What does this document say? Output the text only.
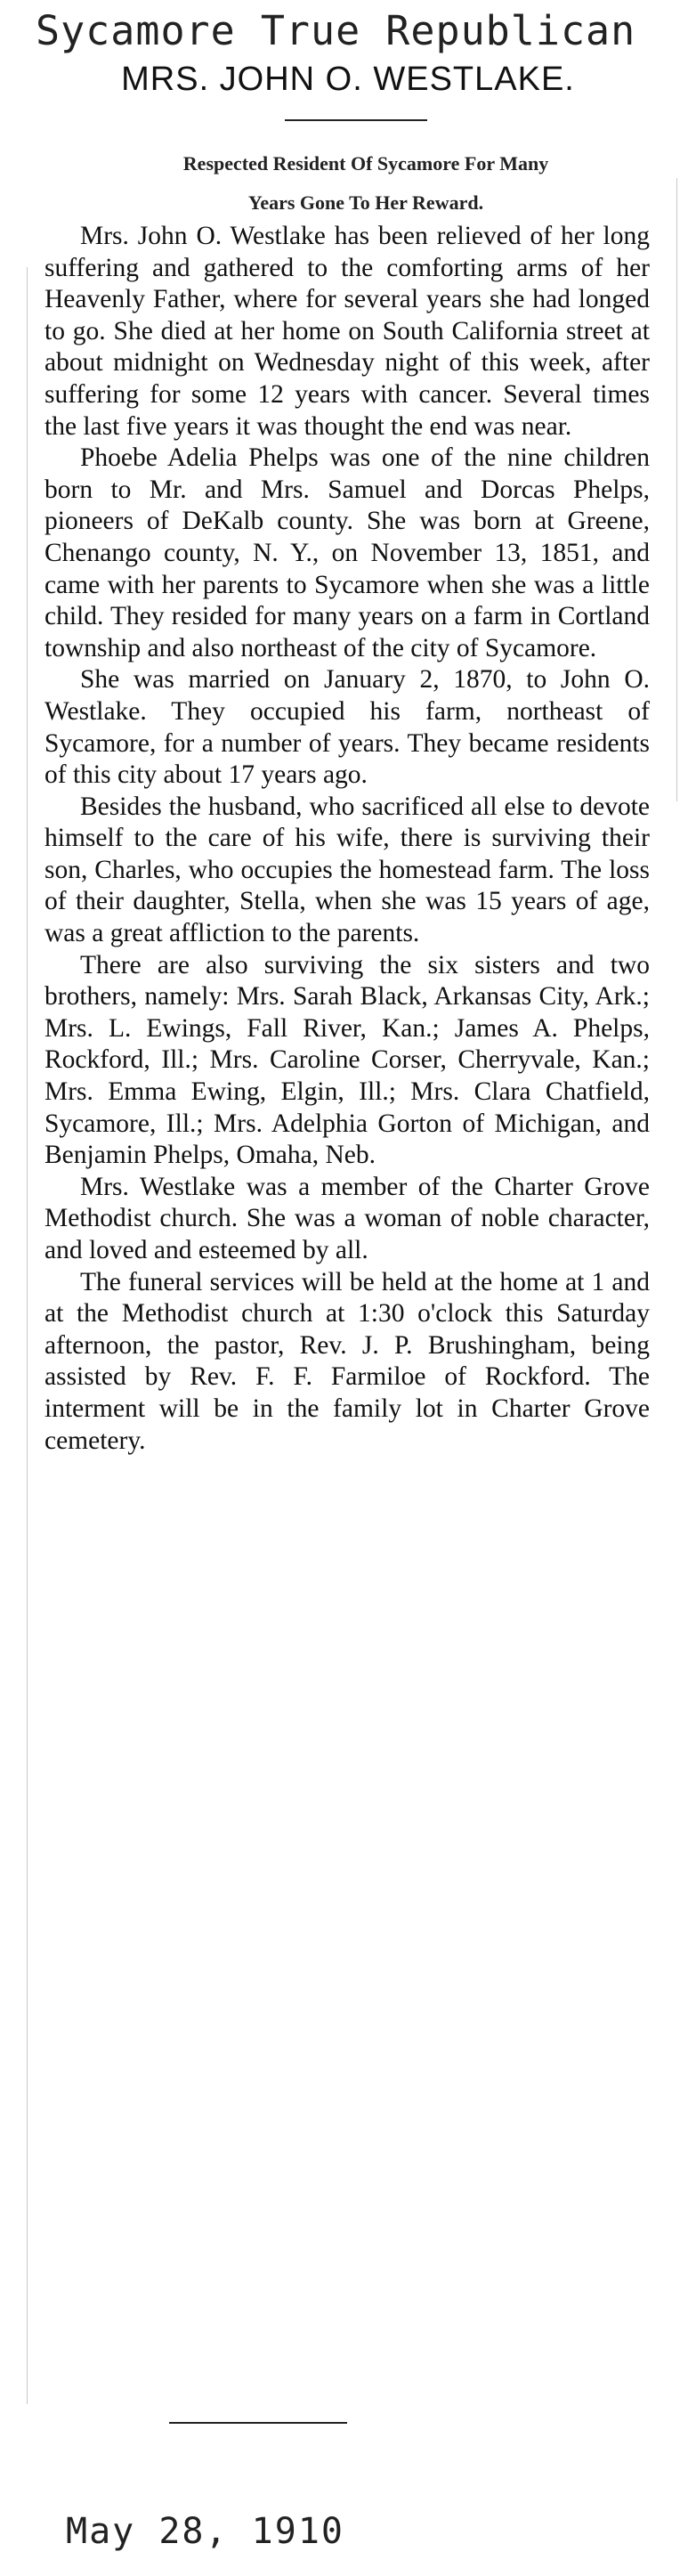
Sycamore True Republican
MRS. JOHN O. WESTLAKE.
Respected Resident Of Sycamore For Many
Years Gone To Her Reward.

Mrs. John O. Westlake has been relieved of her long suffering and gathered to the comforting arms of her Heavenly Father, where for several years she had longed to go. She died at her home on South California street at about midnight on Wednesday night of this week, after suffering for some 12 years with cancer. Several times the last five years it was thought the end was near.

Phoebe Adelia Phelps was one of the nine children born to Mr. and Mrs. Samuel and Dorcas Phelps, pioneers of DeKalb county. She was born at Greene, Chenango county, N. Y., on November 13, 1851, and came with her parents to Sycamore when she was a little child. They resided for many years on a farm in Cortland township and also northeast of the city of Sycamore.

She was married on January 2, 1870, to John O. Westlake. They occupied his farm, northeast of Sycamore, for a number of years. They became residents of this city about 17 years ago.

Besides the husband, who sacrificed all else to devote himself to the care of his wife, there is surviving their son, Charles, who occupies the homestead farm. The loss of their daughter, Stella, when she was 15 years of age, was a great affliction to the parents.

There are also surviving the six sisters and two brothers, namely: Mrs. Sarah Black, Arkansas City, Ark.; Mrs. L. Ewings, Fall River, Kan.; James A. Phelps, Rockford, Ill.; Mrs. Caroline Corser, Cherryvale, Kan.; Mrs. Emma Ewing, Elgin, Ill.; Mrs. Clara Chatfield, Sycamore, Ill.; Mrs. Adelphia Gorton of Michigan, and Benjamin Phelps, Omaha, Neb.

Mrs. Westlake was a member of the Charter Grove Methodist church. She was a woman of noble character, and loved and esteemed by all.

The funeral services will be held at the home at 1 and at the Methodist church at 1:30 o'clock this Saturday afternoon, the pastor, Rev. J. P. Brushingham, being assisted by Rev. F. F. Farmiloe of Rockford. The interment will be in the family lot in Charter Grove cemetery.

May 28, 1910
